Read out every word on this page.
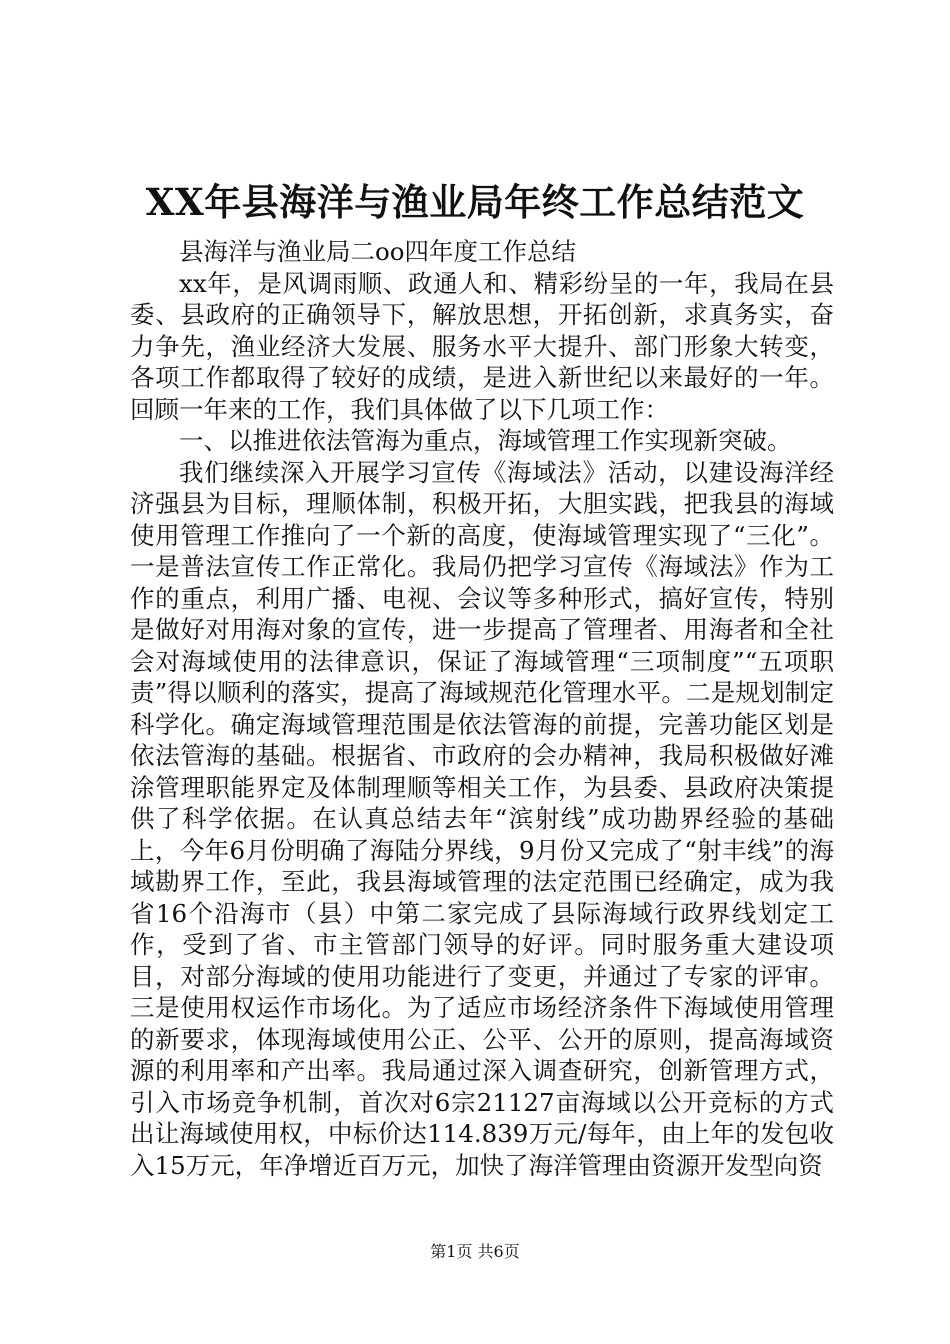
XX年县海洋与渔业局年终工作总结范文

县海洋与渔业局二oo四年度工作总结

xx年，是风调雨顺、政通人和、精彩纷呈的一年，我局在县委、县政府的正确领导下，解放思想，开拓创新，求真务实，奋力争先，渔业经济大发展、服务水平大提升、部门形象大转变，各项工作都取得了较好的成绩，是进入新世纪以来最好的一年。回顾一年来的工作，我们具体做了以下几项工作：

一、以推进依法管海为重点，海域管理工作实现新突破。

我们继续深入开展学习宣传《海域法》活动，以建设海洋经济强县为目标，理顺体制，积极开拓，大胆实践，把我县的海域使用管理工作推向了一个新的高度，使海域管理实现了“三化”。一是普法宣传工作正常化。我局仍把学习宣传《海域法》作为工作的重点，利用广播、电视、会议等多种形式，搞好宣传，特别是做好对用海对象的宣传，进一步提高了管理者、用海者和全社会对海域使用的法律意识，保证了海域管理“三项制度”“五项职责”得以顺利的落实，提高了海域规范化管理水平。二是规划制定科学化。确定海域管理范围是依法管海的前提，完善功能区划是依法管海的基础。根据省、市政府的会办精神，我局积极做好滩涂管理职能界定及体制理顺等相关工作，为县委、县政府决策提供了科学依据。在认真总结去年“滨射线”成功勘界经验的基础上，今年6月份明确了海陆分界线，9月份又完成了“射丰线”的海域勘界工作，至此，我县海域管理的法定范围已经确定，成为我省16个沿海市（县）中第二家完成了县际海域行政界线划定工作，受到了省、市主管部门领导的好评。同时服务重大建设项目，对部分海域的使用功能进行了变更，并通过了专家的评审。三是使用权运作市场化。为了适应市场经济条件下海域使用管理的新要求，体现海域使用公正、公平、公开的原则，提高海域资源的利用率和产出率。我局通过深入调查研究，创新管理方式，引入市场竞争机制，首次对6宗21127亩海域以公开竞标的方式出让海域使用权，中标价达114.839万元/每年，由上年的发包收入15万元，年净增近百万元，加快了海洋管理由资源开发型向资

第1页 共6页
